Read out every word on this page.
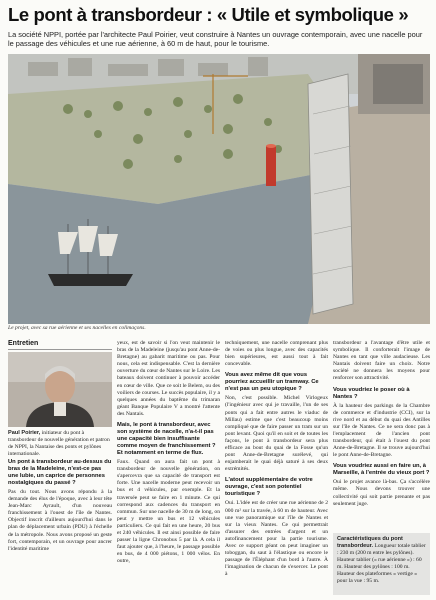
Le pont à transbordeur : « Utile et symbolique »
La société NPPI, portée par l'architecte Paul Poirier, veut construire à Nantes un ouvrage contemporain, avec une nacelle pour le passage des véhicules et une rue aérienne, à 60 m de haut, pour le tourisme.
Le projet, avec sa rue aérienne et ses nacelles en colimaçons.
Entretien
Paul Poirier, initiateur du pont à transbordeur de nouvelle génération et patron de NPPI, la Nantaise des ponts et pylônes internationale.
Un pont à transbordeur au-dessus du bras de la Madeleine, n'est-ce pas une lubie, un caprice de personnes nostalgiques du passé ?

Pas du tout. Nous avons répondu à la demande des élus de l'époque, avec à leur tête Jean-Marc Ayrault, d'un nouveau franchissement à l'ouest de l'île de Nantes. Objectif inscrit d'ailleurs aujourd'hui dans le plan de déplacement urbain (PDU) à l'échelle de la métropole. Nous avons proposé un geste fort, contemporain, et un ouvrage pour ancrer l'identité maritime

yeux, est de savoir si l'on veut maintenir le bras de la Madeleine (jusqu'au pont Anne-de-Bretagne) au gabarit maritime ou pas. Pour nous, cela est indispensable. C'est la dernière ouverture du cœur de Nantes sur le Loire. Les bateaux doivent continuer à pouvoir accéder en cœur de ville. Que ce soit le Belem, ou des voiliers de courses. Le succès populaire, il y a quelques années du baptême du trimaran géant Banque Populaire V a montré l'attente des Nantais.

Mais, le pont à transbordeur, avec son système de nacelle, n'a-t-il pas une capacité bien insuffisante comme moyen de franchissement ? Et notamment en terme de flux.

Faux. Quand on aura fait un pont à transbordeur de nouvelle génération, on s'apercevra que sa capacité de transport est forte. Une nacelle moderne peut recevoir un bus et 4 véhicules, par exemple. Et la traversée peut se faire en 1 minute. Ce qui correspond aux cadences du transport en commun. Sur une nacelle de 30 m de long, on peut y mettre un bus et 12 véhicules particuliers. Ce qui fait en une heure, 20 bus et 240 véhicules. Il est ainsi possible de faire passer la ligne Chronobus 5 par là. A cela il faut ajouter que, à l'heure, le passage possible en bus, de 4 000 piétons, 1 000 vélos. En outre,

techniquement, une nacelle comprenant plus de voies ou plus longue, avec des capacités bien supérieures, est aussi tout à fait concevable.

Vous avez même dit que vous pourriez accueillir un tramway. Ce n'est pas un peu utopique ?

Non, c'est possible. Michel Virlogeux (l'ingénieur avec qui je travaille, l'un de ses ponts qui a fait entre autres le viaduc de Millau) estime que c'est beaucoup moins compliqué que de faire passer un tram sur un pont levant. Quoi qu'il en soit et de toutes les façons, le pont à transbordeur sera plus efficace au bout du quai de la Fosse qu'un pont Anne-de-Bretagne surélevé, qui enjamberait le quai déjà saturé à ses deux extrémités.

L'atout supplémentaire de votre ouvrage, c'est son potentiel touristique ?

Oui. L'idée est de créer une rue aérienne de 2 000 m² sur la travée, à 60 m de hauteur. Avec une vue panoramique sur l'île de Nantes et sur la vieux Nantes. Ce qui permettrait d'assurer des entrées d'argent et un autofinancement pour la partie tourisme. Avec ce support géant on peut imaginer un toboggan, du saut à l'élastique ou encore le passage de l'Éléphant d'un bord à l'autre. À l'imagination de chacun de s'exercer. Le pont à

transbordeur a l'avantage d'être utile et symbolique. Il conforterait l'image de Nantes en tant que ville audacieuse. Les Nantais doivent faire un choix. Notre société ne donnera les moyens pour renforcer son attractivité.

Vous voudriez le poser où à Nantes ?

À la hauteur des parkings de la Chambre de commerce et d'industrie (CCI), sur la rive nord et au début du quai des Antilles sur l'île de Nantes. Ce ne sera donc pas à l'emplacement de l'ancien pont transbordeur, qui était à l'ouest du pont Anne-de-Bretagne. Il se trouve aujourd'hui le pont Anne-de-Bretagne.

Vous voudriez aussi en faire un, à Marseille, à l'entrée du vieux port ?

Oui le projet avance là-bas. Ça s'accélère même. Nous devons trouver une collectivité qui soit partie prenante et pas seulement juge.

Caractéristiques du pont transbordeur. Longueur totale tablier : 230 m (200 m entre les pylônes). Hauteur tablier (« rue aérienne ») : 60 m. Hauteur des pylônes : 100 m. Hauteur des plateformes « vertige » pour la vue : 95 m.
